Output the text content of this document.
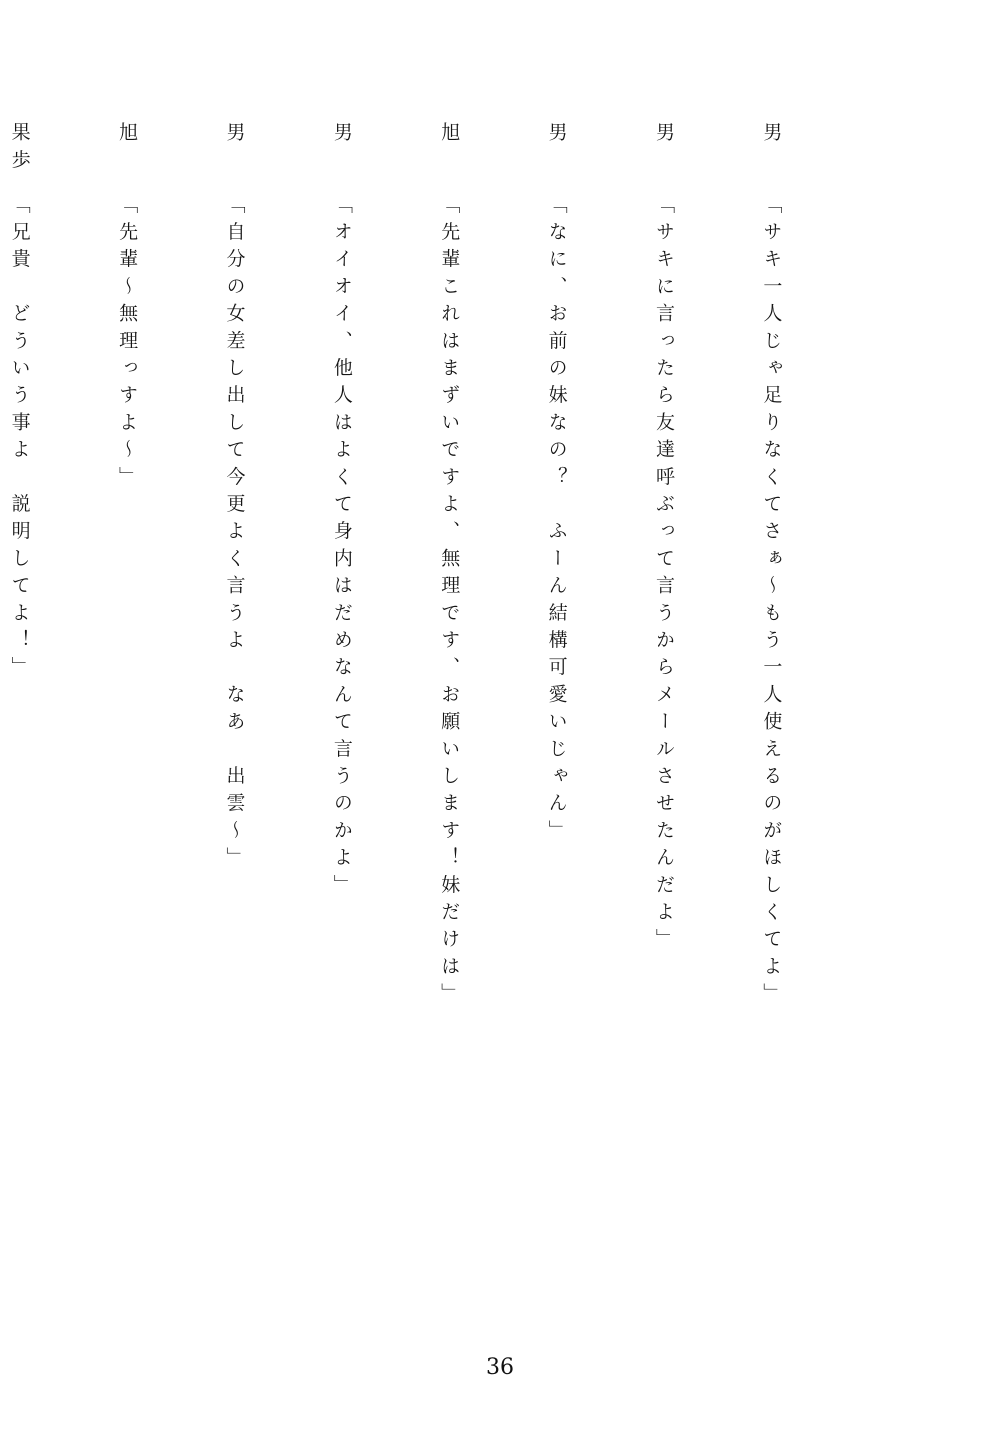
男　　「サキ一人じゃ足りなくてさぁ〜もう一人使えるのがほしくてよ」

男　　「サキに言ったら友達呼ぶって言うからメールさせたんだよ」

男　　「なに、お前の妹なの？　ふーん結構可愛いじゃん」

旭　　「先輩これはまずいですよ、無理です、お願いします！妹だけは」

男　　「オイオイ、他人はよくて身内はだめなんて言うのかよ」

男　　「自分の女差し出して今更よく言うよ　なあ　出雲〜」

旭　　「先輩〜無理っすよ〜」

果歩　「兄貴　どういう事よ　説明してよ！」

36
